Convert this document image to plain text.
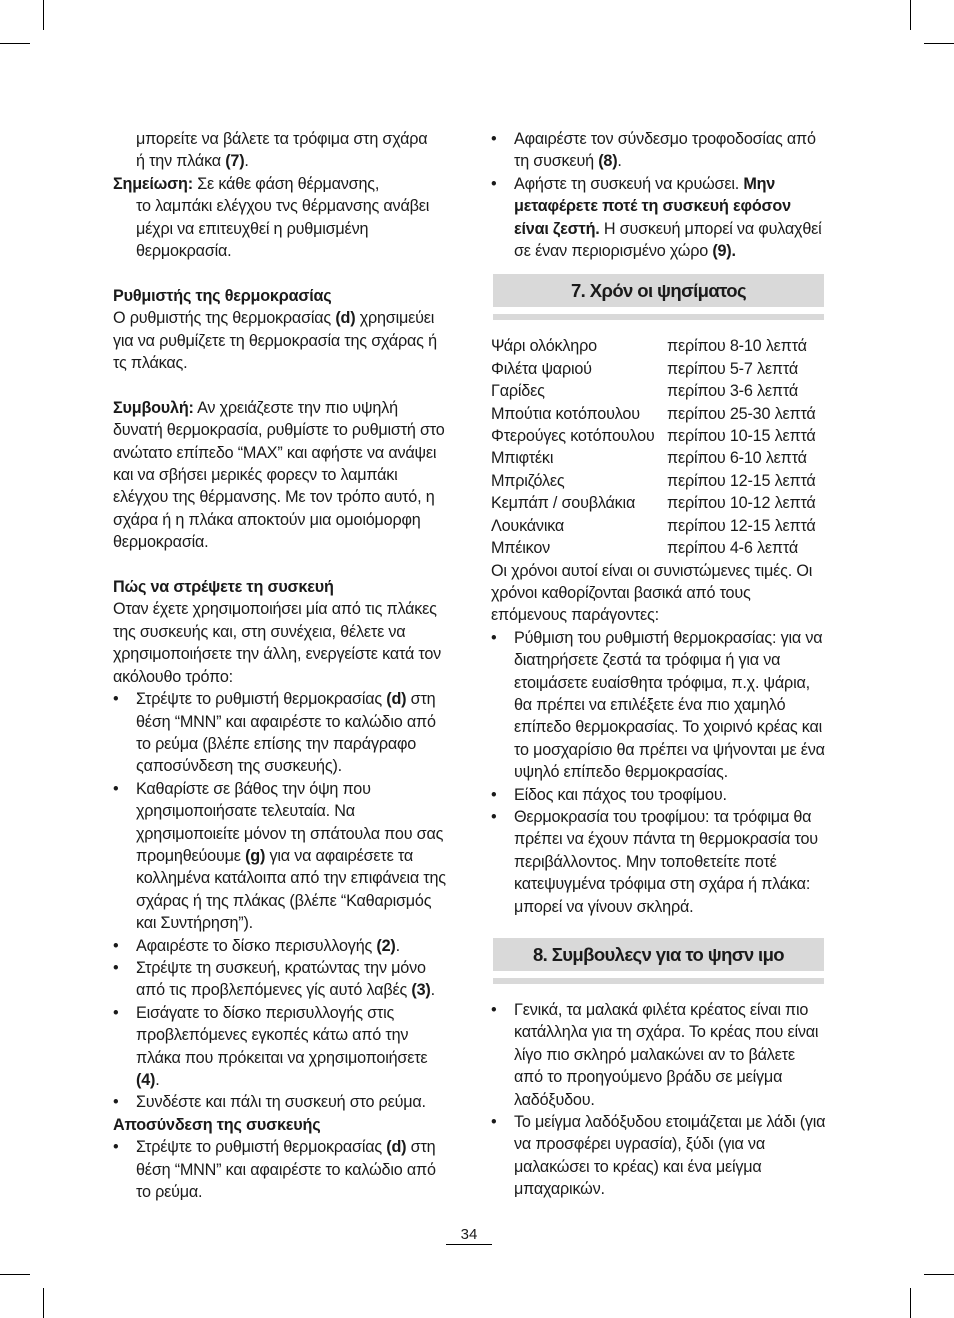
μπορείτε να βάλετε τα τρόφιμα στη σχάρα
ή την πλάκα (7).

Σημείωση: Σε κάθε φάση θέρμανσης,
το λαμπάκι ελέγχου τνς θέρμανσης ανάβει μέχρι να επιτευχθεί η ρυθμισμένη θερμοκρασία.

Ρυθμιστής της θερμοκρασίας

Ο ρυθμιστής της θερμοκρασίας (d) χρησιμεύει για να ρυθμίζετε τη θερμοκρασία της σχάρας ή τς πλάκας.

Συμβουλή: Αν χρειάζεστε την πιο υψηλή δυνατή θερμοκρασία, ρυθμίστε το ρυθμιστή στο ανώτατο επίπεδο “MAX” και αφήστε να ανάψει και να σβήσει μερικές φορεςν το λαμπάκι ελέγχου της θέρμανσης. Με τον τρόπο αυτό, η σχάρα ή η πλάκα αποκτούν μια ομοιόμορφη θερμοκρασία.

Πώς να στρέψετε τη συσκευή

Οταν έχετε χρησιμοποιήσει μία από τις πλάκες της συσκευής και, στη συνέχεια, θέλετε να χρησιμοποιήσετε την άλλη, ενεργείστε κατά τον ακόλουθο τρόπο:

• Στρέψτε το ρυθμιστή θερμοκρασίας (d) στη θέση “MNN” και αφαιρέστε το καλώδιο από το ρεύμα (βλέπε επίσης την παράγραφο ςαποσύνδεση της συσκευής).
• Καθαρίστε σε βάθος την όψη που χρησιμοποιήσατε τελευταία. Να χρησιμοποιείτε μόνον τη σπάτουλα που σας προμηθεύουμε (g) για να αφαιρέσετε τα κολλημένα κατάλοιπα από την επιφάνεια της σχάρας ή της πλάκας (βλέπε “Καθαρισμός και Συντήρηση”).
• Αφαιρέστε το δίσκο περισυλλογής (2).
• Στρέψτε τη συσκευή, κρατώντας την μόνο από τις προβλεπόμενες γίς αυτό λαβές (3).
• Εισάγατε το δίσκο περισυλλογής στις προβλεπόμενες εγκοπές κάτω από την πλάκα που πρόκειται να χρησιμοποιήσετε (4).
• Συνδέστε και πάλι τη συσκευή στο ρεύμα.

Αποσύνδεση της συσκευής

• Στρέψτε το ρυθμιστή θερμοκρασίας (d) στη θέση “MNN” και αφαιρέστε το καλώδιο από το ρεύμα.
• Αφαιρέστε τον σύνδεσμο τροφοδοσίας από τη συσκευή (8).
• Αφήστε τη συσκευή να κρυώσει. Μην μεταφέρετε ποτέ τη συσκευή εφόσον είναι ζεστή. Η συσκευή μπορεί να φυλαχθεί σε έναν περιορισμένο χώρο (9).
7. Χρόν οι ψησίματος
Ψάρι ολόκληρο	περίπου 8-10 λεπτά
Φιλέτα ψαριού	περίπου 5-7 λεπτά
Γαρίδες	περίπου 3-6 λεπτά
Μπούτια κοτόπουλου	περίπου 25-30 λεπτά
Φτερούγες κοτόπουλου	περίπου 10-15 λεπτά
Μπιφτέκι	περίπου 6-10 λεπτά
Μπριζόλες	περίπου 12-15 λεπτά
Κεμπάπ / σουβλάκια	περίπου 10-12 λεπτά
Λουκάνικα	περίπου 12-15 λεπτά
Μπέικον	περίπου 4-6 λεπτά

Οι χρόνοι αυτοί είναι οι συνιστώμενες τιμές. Οι χρόνοι καθορίζονται βασικά από τους επόμενους παράγοντες:

• Ρύθμιση του ρυθμιστή θερμοκρασίας: για να διατηρήσετε ζεστά τα τρόφιμα ή για να ετοιμάσετε ευαίσθητα τρόφιμα, π.χ. ψάρια, θα πρέπει να επιλέξετε ένα πιο χαμηλό επίπεδο θερμοκρασίας. Το χοιρινό κρέας και το μοσχαρίσιο θα πρέπει να ψήνονται με ένα υψηλό επίπεδο θερμοκρασίας.
• Είδος και πάχος του τροφίμου.
• Θερμοκρασία του τροφίμου: τα τρόφιμα θα πρέπει να έχουν πάντα τη θερμοκρασία του περιβάλλοντος. Μην τοποθετείτε ποτέ κατεψυγμένα τρόφιμα στη σχάρα ή πλάκα: μπορεί να γίνουν σκληρά.
8. Συμβουλεςν για το ψησν ιμο
• Γενικά, τα μαλακά φιλέτα κρέατος είναι πιο κατάλληλα για τη σχάρα. Το κρέας που είναι λίγο πιο σκληρό μαλακώνει αν το βάλετε από το προηγούμενο βράδυ σε μείγμα λαδόξυδου.
• Το μείγμα λαδόξυδου ετοιμάζεται με λάδι (για να προσφέρει υγρασία), ξύδι (για να μαλακώσει το κρέας) και ένα μείγμα μπαχαρικών.
34
